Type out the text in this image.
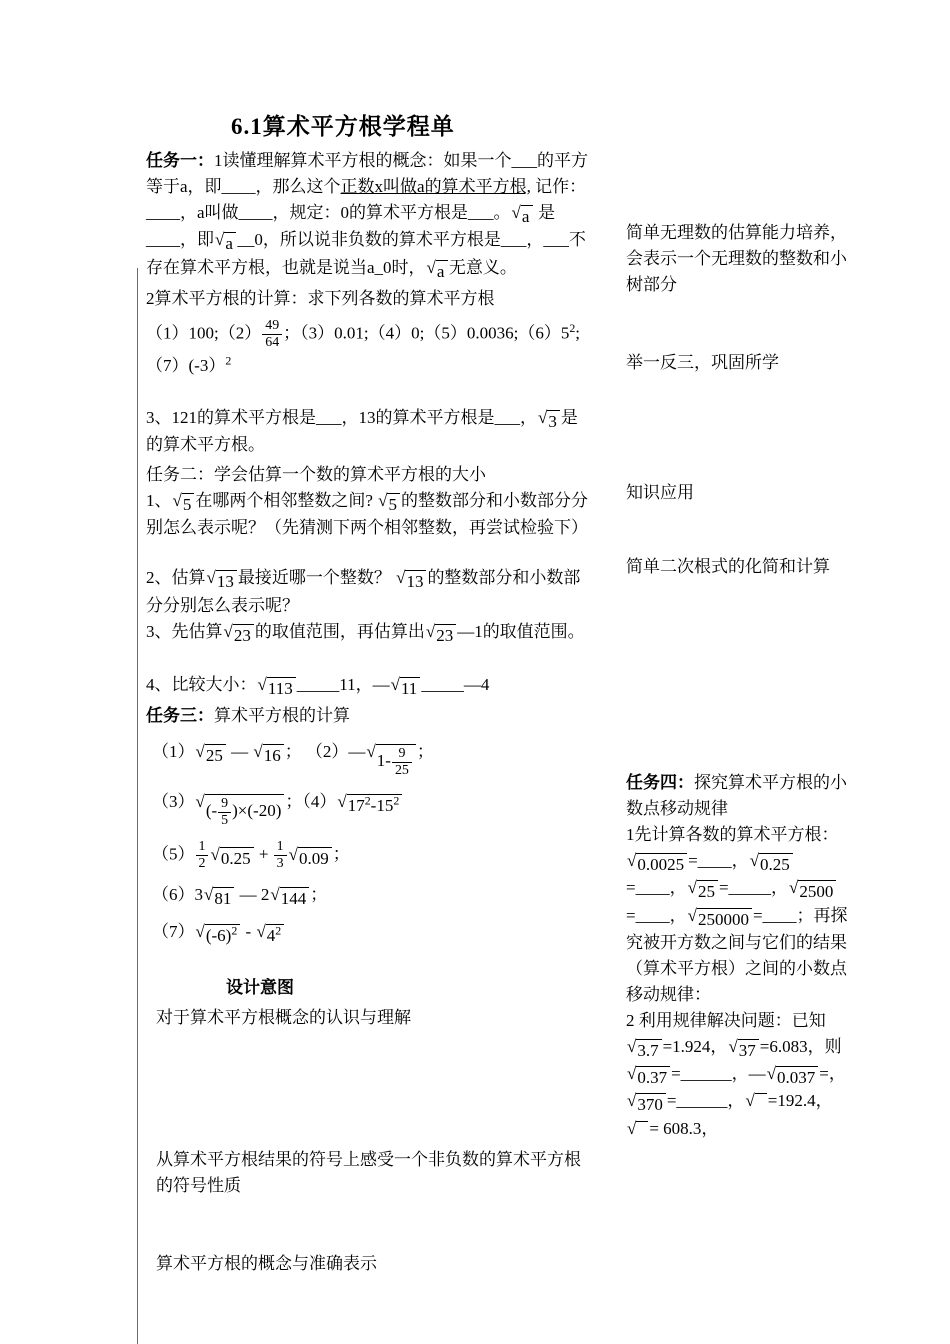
6.1算术平方根学程单
任务一：1读懂理解算术平方根的概念：如果一个___的平方等于a，即____，那么这个正数x叫做a的算术平方根, 记作：____，a叫做____，规定：0的算术平方根是___。 √ a 是____，即 √ a __0，所以说非负数的算术平方根是___，___不存在算术平方根，也就是说当a_0时， √ a 无意义。
2算术平方根的计算：求下列各数的算术平方根
（1）100;（2） $\frac{49}{64}$ ；$(3)0.01;(4)0;(5)0.0036;(6)5^2;(7)(-3)^2$
3、121的算术平方根是___，13的算术平方根是___， √ 3 是 的算术平方根。
任务二：学会估算一个数的算术平方根的大小
1、 √ 5 在哪两个相邻整数之间? √ 5 的整数部分和小数部分分别怎么表示呢？（先猜测下两个相邻整数，再尝试检验下）
2、估算 √ 13 最接近哪一个整数？ √ 13 的整数部分和小数部分分别怎么表示呢？
3、先估算 √ 23 的取值范围，再估算出 √ 23 —1的取值范围。
4、比较大小： √ 113 _____11，— √ 11 _____—4
任务三：算术平方根的计算
（1） √ 25 — √ 16 ； （2）— √ $1- \frac{9}{25}$ ；
（3） √ (- $\frac{9}{5} )\times(-20)$ ；（4） √ $17^2-15^2$
$(5) \frac{1}{2}$ √ $0.25 + \frac{1}{3}$ √ 0.09 ；
（6）3 √ 81 — 2 √ 144 ；
（7） √ $(-6)^2$ - √ $4^2$
设计意图
对于算术平方根概念的认识与理解
从算术平方根结果的符号上感受一个非负数的算术平方根的符号性质
算术平方根的概念与准确表示
简单无理数的估算能力培养，会表示一个无理数的整数和小树部分
举一反三，巩固所学
知识应用
简单二次根式的化简和计算
任务四：探究算术平方根的小数点移动规律
1先计算各数的算术平方根：
√ 0.0025 =____， √ 0.25
=____， √ 25 =_____， √ 2500
=____， √ 250000 =____；再探究被开方数之间与它们的结果（算术平方根）之间的小数点移动规律：
2 利用规律解决问题：已知
√ 3.7 =1.924， √ 37 =6.083，则
√ 0.37 =______，— √ 0.037 =，
√ 370 =______， √ =192.4，
√ = 608.3，
